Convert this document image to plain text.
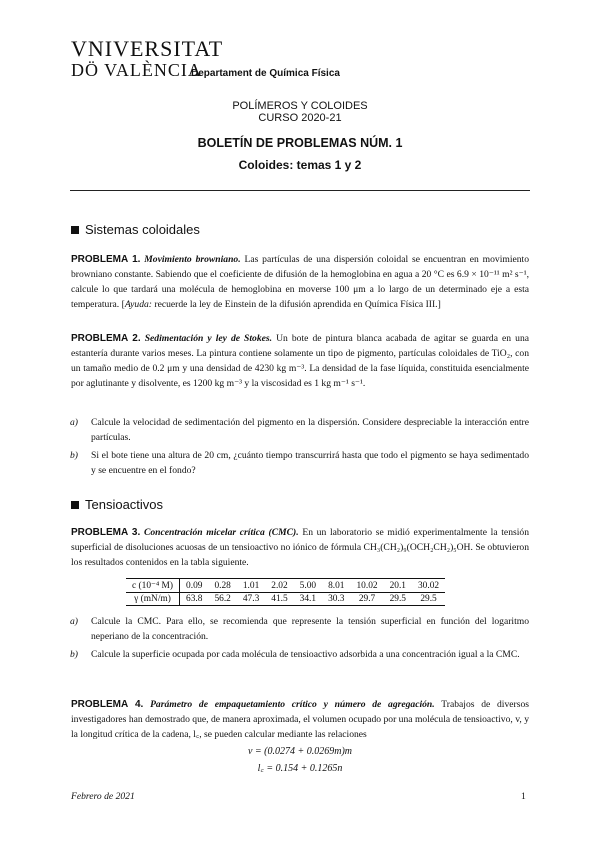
VNIVERSITAT
DÖ VALÈNCIA
Departament de Química Física
POLÍMEROS Y COLOIDES
CURSO 2020-21
BOLETÍN DE PROBLEMAS NÚM. 1
Coloides: temas 1 y 2
Sistemas coloidales
PROBLEMA 1. Movimiento browniano. Las partículas de una dispersión coloidal se encuentran en movimiento browniano constante. Sabiendo que el coeficiente de difusión de la hemoglobina en agua a 20 °C es 6.9 × 10⁻¹¹ m² s⁻¹, calcule lo que tardará una molécula de hemoglobina en moverse 100 μm a lo largo de un determinado eje a esta temperatura. [Ayuda: recuerde la ley de Einstein de la difusión aprendida en Química Física III.]
PROBLEMA 2. Sedimentación y ley de Stokes. Un bote de pintura blanca acabada de agitar se guarda en una estantería durante varios meses. La pintura contiene solamente un tipo de pigmento, partículas coloidales de TiO₂, con un tamaño medio de 0.2 μm y una densidad de 4230 kg m⁻³. La densidad de la fase líquida, constituida esencialmente por aglutinante y disolvente, es 1200 kg m⁻³ y la viscosidad es 1 kg m⁻¹ s⁻¹.
a) Calcule la velocidad de sedimentación del pigmento en la dispersión. Considere despreciable la interacción entre partículas.
b) Si el bote tiene una altura de 20 cm, ¿cuánto tiempo transcurrirá hasta que todo el pigmento se haya sedimentado y se encuentre en el fondo?
Tensioactivos
PROBLEMA 3. Concentración micelar crítica (CMC). En un laboratorio se midió experimentalmente la tensión superficial de disoluciones acuosas de un tensioactivo no iónico de fórmula CH₃(CH₂)₉(OCH₂CH₂)₅OH. Se obtuvieron los resultados contenidos en la tabla siguiente.
c (10⁻⁴ M)	0.09	0.28	1.01	2.02	5.00	8.01	10.02	20.1	30.02
γ (mN/m)	63.8	56.2	47.3	41.5	34.1	30.3	29.7	29.5	29.5
a) Calcule la CMC. Para ello, se recomienda que represente la tensión superficial en función del logaritmo neperiano de la concentración.
b) Calcule la superficie ocupada por cada molécula de tensioactivo adsorbida a una concentración igual a la CMC.
PROBLEMA 4. Parámetro de empaquetamiento crítico y número de agregación. Trabajos de diversos investigadores han demostrado que, de manera aproximada, el volumen ocupado por una molécula de tensioactivo, v, y la longitud crítica de la cadena, l꜀, se pueden calcular mediante las relaciones
v = (0.0274 + 0.0269m)m
l꜀ = 0.154 + 0.1265n
Febrero de 2021	1
